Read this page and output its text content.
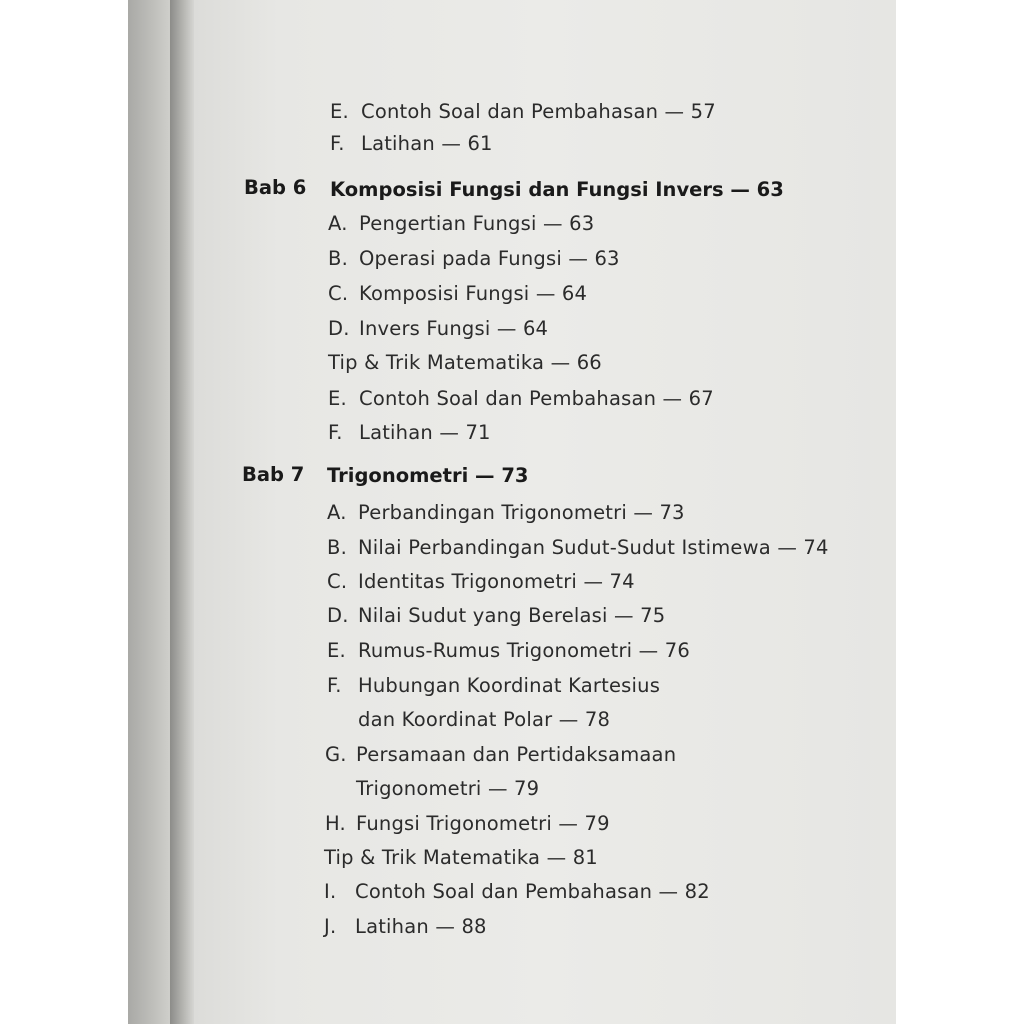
E. Contoh Soal dan Pembahasan — 57
F. Latihan — 61
Bab 6 Komposisi Fungsi dan Fungsi Invers — 63
A. Pengertian Fungsi — 63
B. Operasi pada Fungsi — 63
C. Komposisi Fungsi — 64
D. Invers Fungsi — 64
Tip & Trik Matematika — 66
E. Contoh Soal dan Pembahasan — 67
F. Latihan — 71
Bab 7 Trigonometri — 73
A. Perbandingan Trigonometri — 73
B. Nilai Perbandingan Sudut-Sudut Istimewa — 74
C. Identitas Trigonometri — 74
D. Nilai Sudut yang Berelasi — 75
E. Rumus-Rumus Trigonometri — 76
F. Hubungan Koordinat Kartesius
dan Koordinat Polar — 78
G. Persamaan dan Pertidaksamaan
Trigonometri — 79
H. Fungsi Trigonometri — 79
Tip & Trik Matematika — 81
I. Contoh Soal dan Pembahasan — 82
J. Latihan — 88
